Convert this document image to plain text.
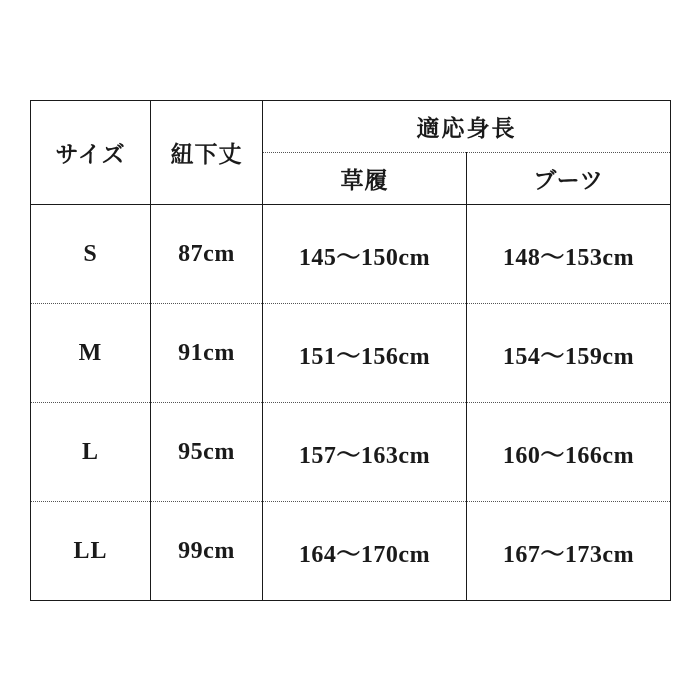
サイズ	紐下丈	適応身長	
		草履	ブーツ
S	87cm	145〜150cm	148〜153cm
M	91cm	151〜156cm	154〜159cm
L	95cm	157〜163cm	160〜166cm
LL	99cm	164〜170cm	167〜173cm
